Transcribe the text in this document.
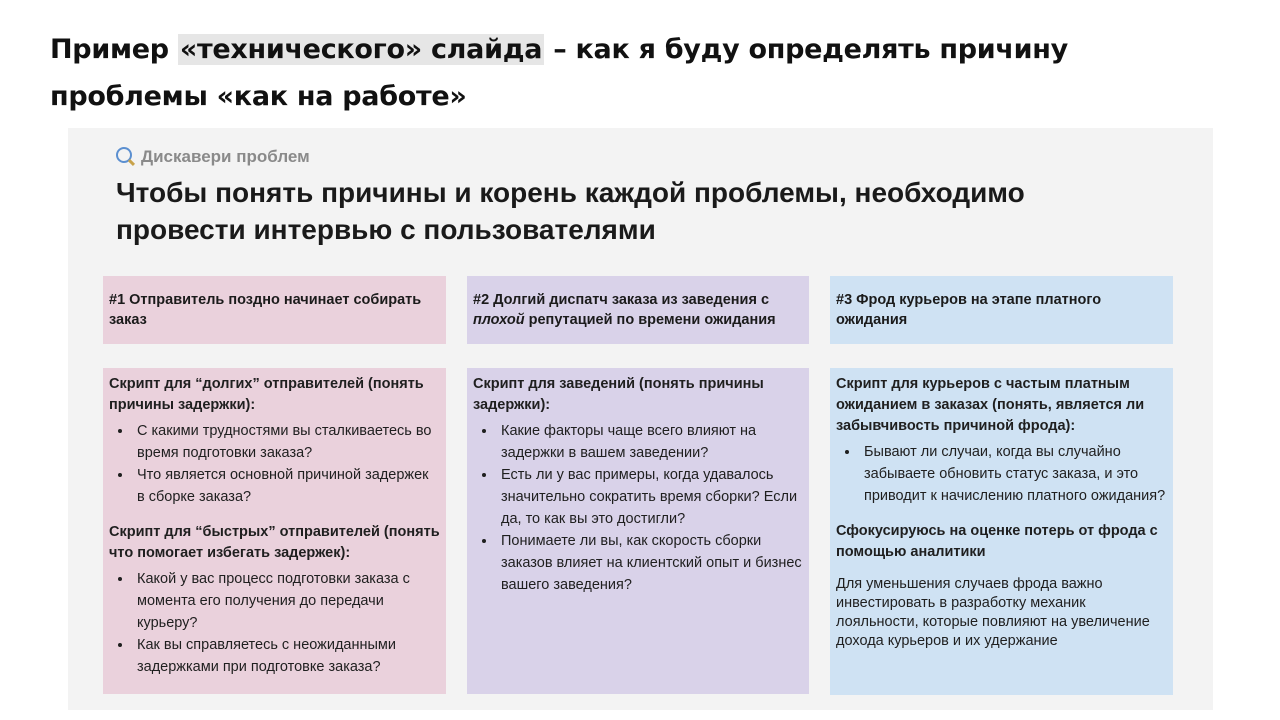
Пример «технического» слайда – как я буду определять причину проблемы «как на работе»
Дискавери проблем
Чтобы понять причины и корень каждой проблемы, необходимо провести интервью с пользователями
#1 Отправитель поздно начинает собирать заказ
Скрипт для “долгих” отправителей (понять причины задержки):
• С какими трудностями вы сталкиваетесь во время подготовки заказа?
• Что является основной причиной задержек в сборке заказа?
Скрипт для “быстрых” отправителей (понять что помогает избегать задержек):
• Какой у вас процесс подготовки заказа с момента его получения до передачи курьеру?
• Как вы справляетесь с неожиданными задержками при подготовке заказа?
#2 Долгий диспатч заказа из заведения с плохой репутацией по времени ожидания
Скрипт для заведений (понять причины задержки):
• Какие факторы чаще всего влияют на задержки в вашем заведении?
• Есть ли у вас примеры, когда удавалось значительно сократить время сборки? Если да, то как вы это достигли?
• Понимаете ли вы, как скорость сборки заказов влияет на клиентский опыт и бизнес вашего заведения?
#3 Фрод курьеров на этапе платного ожидания
Скрипт для курьеров с частым платным ожиданием в заказах (понять, является ли забывчивость причиной фрода):
• Бывают ли случаи, когда вы случайно забываете обновить статус заказа, и это приводит к начислению платного ожидания?
Сфокусируюсь на оценке потерь от фрода с помощью аналитики
Для уменьшения случаев фрода важно инвестировать в разработку механик лояльности, которые повлияют на увеличение дохода курьеров и их удержание
